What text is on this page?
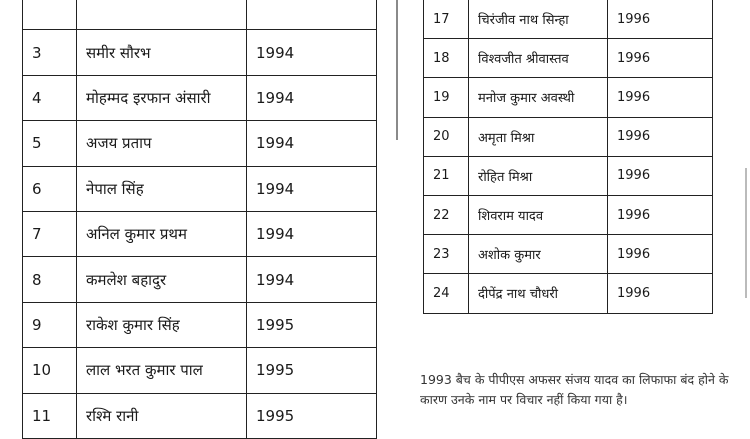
3	समीर सौरभ	1994
4	मोहम्मद इरफान अंसारी	1994
5	अजय प्रताप	1994
6	नेपाल सिंह	1994
7	अनिल कुमार प्रथम	1994
8	कमलेश बहादुर	1994
9	राकेश कुमार सिंह	1995
10	लाल भरत कुमार पाल	1995
11	रश्मि रानी	1995
17	चिरंजीव नाथ सिन्हा	1996
18	विश्वजीत श्रीवास्तव	1996
19	मनोज कुमार अवस्थी	1996
20	अमृता मिश्रा	1996
21	रोहित मिश्रा	1996
22	शिवराम यादव	1996
23	अशोक कुमार	1996
24	दीपेंद्र नाथ चौधरी	1996

1993 बैच के पीपीएस अफसर संजय यादव का लिफाफा बंद होने के कारण उनके नाम पर विचार नहीं किया गया है।
